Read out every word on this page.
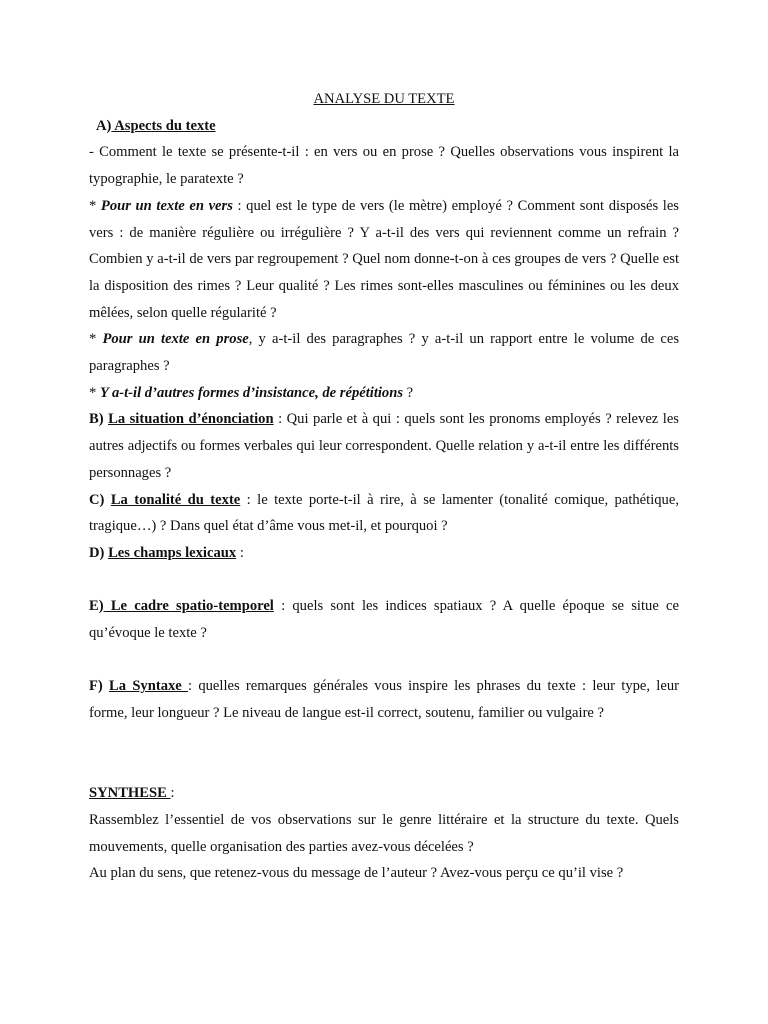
ANALYSE DU TEXTE

A) Aspects du texte

- Comment le texte se présente-t-il : en vers ou en prose ? Quelles observations vous inspirent la typographie, le paratexte ?

* Pour un texte en vers : quel est le type de vers (le mètre) employé ? Comment sont disposés les vers : de manière régulière ou irrégulière ? Y a-t-il des vers qui reviennent comme un refrain ? Combien y a-t-il de vers par regroupement ? Quel nom donne-t-on à ces groupes de vers ? Quelle est la disposition des rimes ? Leur qualité ? Les rimes sont-elles masculines ou féminines ou les deux mêlées, selon quelle régularité ?

* Pour un texte en prose, y a-t-il des paragraphes ? y a-t-il un rapport entre le volume de ces paragraphes ?

* Y a-t-il d’autres formes d’insistance, de répétitions ?

B) La situation d’énonciation : Qui parle et à qui : quels sont les pronoms employés ? relevez les autres adjectifs ou formes verbales qui leur correspondent. Quelle relation y a-t-il entre les différents personnages ?

C) La tonalité du texte : le texte porte-t-il à rire, à se lamenter (tonalité comique, pathétique, tragique…) ? Dans quel état d’âme vous met-il, et pourquoi ?

D) Les champs lexicaux :

E) Le cadre spatio-temporel : quels sont les indices spatiaux ? A quelle époque se situe ce qu’évoque le texte ?

F) La Syntaxe : quelles remarques générales vous inspire les phrases du texte : leur type, leur forme, leur longueur ? Le niveau de langue est-il correct, soutenu, familier ou vulgaire ?

SYNTHESE :

Rassemblez l’essentiel de vos observations sur le genre littéraire et la structure du texte. Quels mouvements, quelle organisation des parties avez-vous décelées ?

Au plan du sens, que retenez-vous du message de l’auteur ? Avez-vous perçu ce qu’il vise ?
